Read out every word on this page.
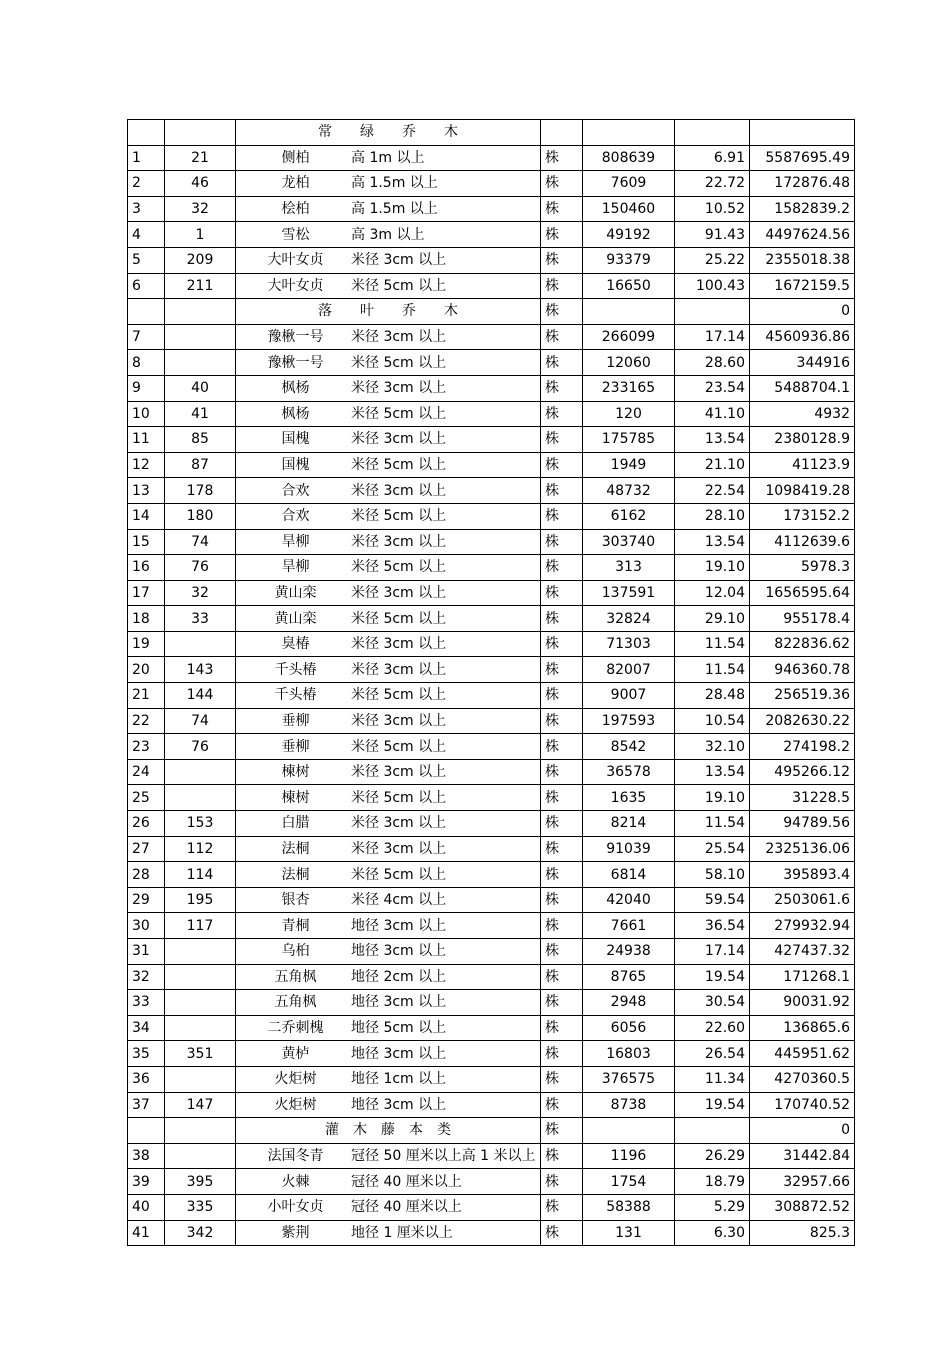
		常　　绿　　乔　　木				

1	21	侧柏 高 1m 以上	株	808639	6.91	5587695.49
2	46	龙柏 高 1.5m 以上	株	7609	22.72	172876.48
3	32	桧柏 高 1.5m 以上	株	150460	10.52	1582839.2
4	1	雪松 高 3m 以上	株	49192	91.43	4497624.56
5	209	大叶女贞 米径 3cm 以上	株	93379	25.22	2355018.38
6	211	大叶女贞 米径 5cm 以上	株	16650	100.43	1672159.5

		落　　叶　　乔　　木	株			0
7		豫楸一号 米径 3cm 以上	株	266099	17.14	4560936.86
8		豫楸一号 米径 5cm 以上	株	12060	28.60	344916
9	40	枫杨 米径 3cm 以上	株	233165	23.54	5488704.1
10	41	枫杨 米径 5cm 以上	株	120	41.10	4932
11	85	国槐 米径 3cm 以上	株	175785	13.54	2380128.9
12	87	国槐 米径 5cm 以上	株	1949	21.10	41123.9
13	178	合欢 米径 3cm 以上	株	48732	22.54	1098419.28
14	180	合欢 米径 5cm 以上	株	6162	28.10	173152.2
15	74	旱柳 米径 3cm 以上	株	303740	13.54	4112639.6
16	76	旱柳 米径 5cm 以上	株	313	19.10	5978.3
17	32	黄山栾 米径 3cm 以上	株	137591	12.04	1656595.64
18	33	黄山栾 米径 5cm 以上	株	32824	29.10	955178.4
19		臭椿 米径 3cm 以上	株	71303	11.54	822836.62
20	143	千头椿 米径 3cm 以上	株	82007	11.54	946360.78
21	144	千头椿 米径 5cm 以上	株	9007	28.48	256519.36
22	74	垂柳 米径 3cm 以上	株	197593	10.54	2082630.22
23	76	垂柳 米径 5cm 以上	株	8542	32.10	274198.2
24		楝树 米径 3cm 以上	株	36578	13.54	495266.12
25		楝树 米径 5cm 以上	株	1635	19.10	31228.5
26	153	白腊 米径 3cm 以上	株	8214	11.54	94789.56
27	112	法桐 米径 3cm 以上	株	91039	25.54	2325136.06
28	114	法桐 米径 5cm 以上	株	6814	58.10	395893.4
29	195	银杏 米径 4cm 以上	株	42040	59.54	2503061.6
30	117	青桐 地径 3cm 以上	株	7661	36.54	279932.94
31		乌桕 地径 3cm 以上	株	24938	17.14	427437.32
32		五角枫 地径 2cm 以上	株	8765	19.54	171268.1
33		五角枫 地径 3cm 以上	株	2948	30.54	90031.92
34		二乔刺槐 地径 5cm 以上	株	6056	22.60	136865.6
35	351	黄栌 地径 3cm 以上	株	16803	26.54	445951.62
36		火炬树 地径 1cm 以上	株	376575	11.34	4270360.5
37	147	火炬树 地径 3cm 以上	株	8738	19.54	170740.52

		灌　木　藤　本　类	株			0
38		法国冬青 冠径 50 厘米以上高 1 米以上	株	1196	26.29	31442.84
39	395	火棘 冠径 40 厘米以上	株	1754	18.79	32957.66
40	335	小叶女贞 冠径 40 厘米以上	株	58388	5.29	308872.52
41	342	紫荆 地径 1 厘米以上	株	131	6.30	825.3
